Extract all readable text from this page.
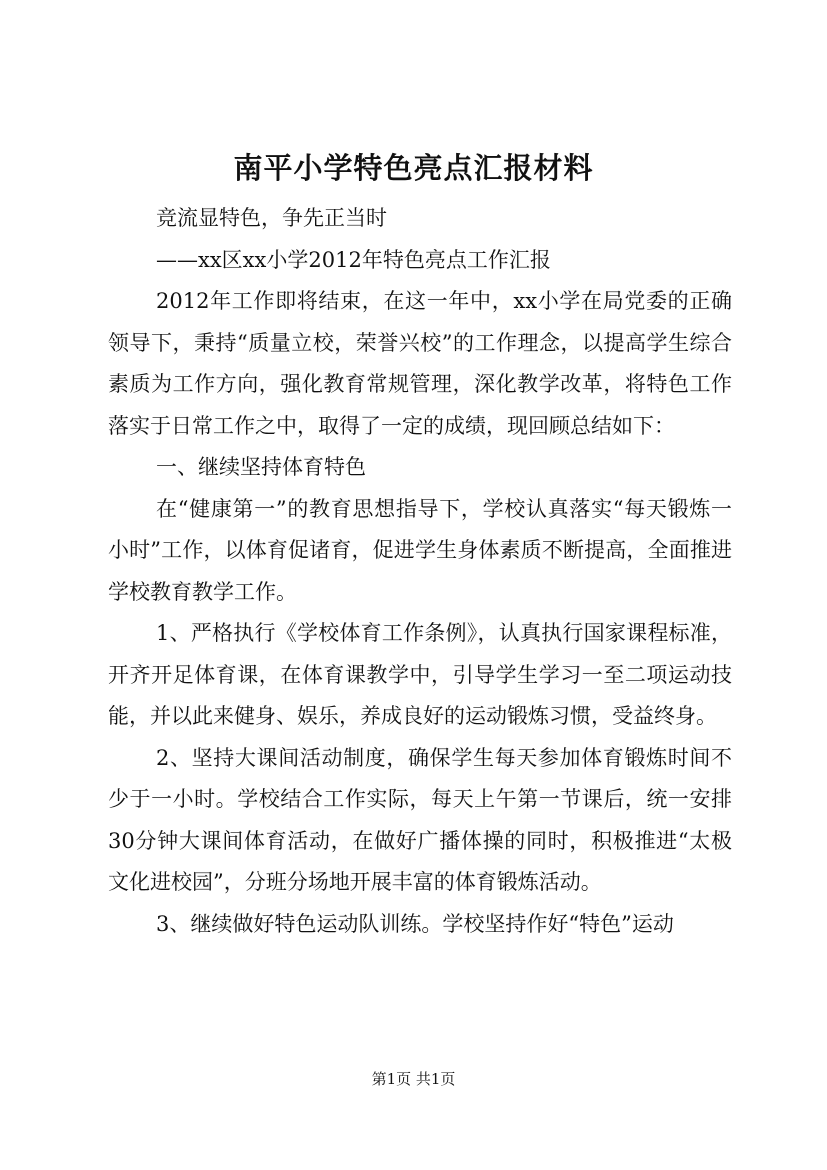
南平小学特色亮点汇报材料

竞流显特色，争先正当时

——xx区xx小学2012年特色亮点工作汇报

2012年工作即将结束，在这一年中，xx小学在局党委的正确领导下，秉持“质量立校，荣誉兴校”的工作理念，以提高学生综合素质为工作方向，强化教育常规管理，深化教学改革，将特色工作落实于日常工作之中，取得了一定的成绩，现回顾总结如下：

一、继续坚持体育特色

在“健康第一”的教育思想指导下，学校认真落实“每天锻炼一小时”工作，以体育促诸育，促进学生身体素质不断提高，全面推进学校教育教学工作。

1、严格执行《学校体育工作条例》，认真执行国家课程标准，开齐开足体育课，在体育课教学中，引导学生学习一至二项运动技能，并以此来健身、娱乐，养成良好的运动锻炼习惯，受益终身。

2、坚持大课间活动制度，确保学生每天参加体育锻炼时间不少于一小时。学校结合工作实际，每天上午第一节课后，统一安排30分钟大课间体育活动，在做好广播体操的同时，积极推进“太极文化进校园”，分班分场地开展丰富的体育锻炼活动。

3、继续做好特色运动队训练。学校坚持作好“特色”运动

第1页 共1页
